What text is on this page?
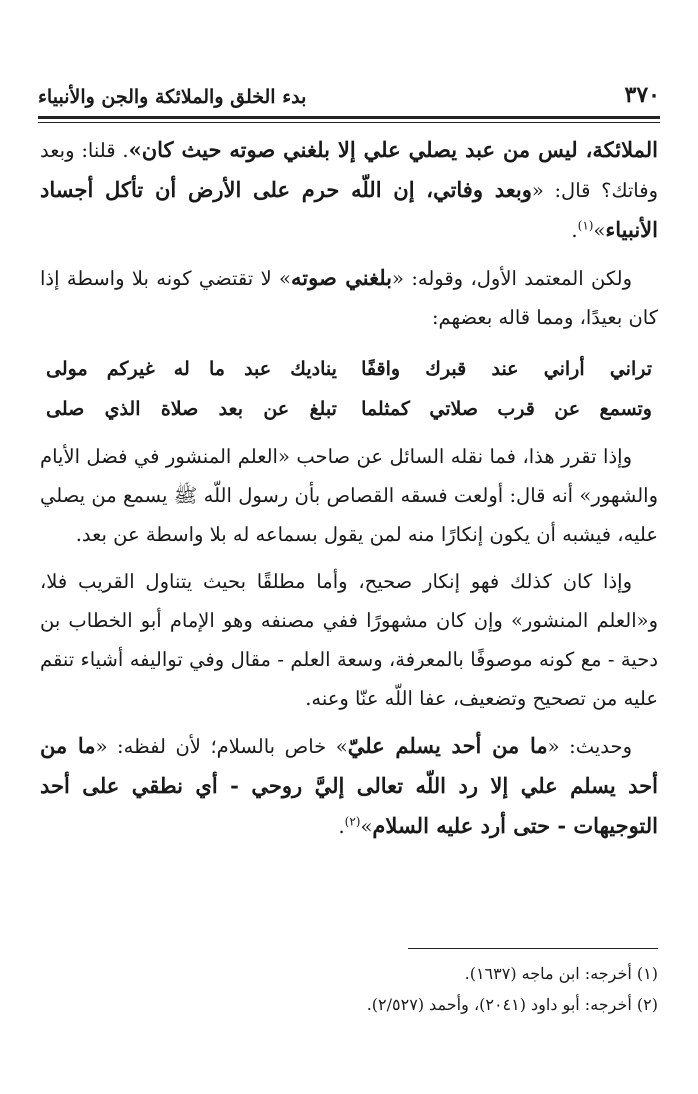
٣٧٠
بدء الخلق والملائكة والجن والأنبياء

الملائكة، ليس من عبد يصلي علي إلا بلغني صوته حيث كان». قلنا: وبعد وفاتك؟ قال: «وبعد وفاتي، إن اللّه حرم على الأرض أن تأكل أجساد الأنبياء»$^{(١)}$.

ولكن المعتمد الأول، وقوله: «بلغني صوته» لا تقتضي كونه بلا واسطة إذا كان بعيدًا، ومما قاله بعضهم:

تراني أراني عند قبرك واقفًا
يناديك عبد ما له غيركم مولى
وتسمع عن قرب صلاتي كمثلما
تبلغ عن بعد صلاة الذي صلى

وإذا تقرر هذا، فما نقله السائل عن صاحب «العلم المنشور في فضل الأيام والشهور» أنه قال: أولعت فسقه القصاص بأن رسول اللّه ﷺ يسمع من يصلي عليه، فيشبه أن يكون إنكارًا منه لمن يقول بسماعه له بلا واسطة عن بعد.

وإذا كان كذلك فهو إنكار صحيح، وأما مطلقًا بحيث يتناول القريب فلا، و«العلم المنشور» وإن كان مشهورًا ففي مصنفه وهو الإمام أبو الخطاب بن دحية - مع كونه موصوفًا بالمعرفة، وسعة العلم - مقال وفي تواليفه أشياء تنقم عليه من تصحيح وتضعيف، عفا اللّه عنّا وعنه.

وحديث: «ما من أحد يسلم عليّ» خاص بالسلام؛ لأن لفظه: «ما من أحد يسلم علي إلا رد اللّه تعالى إليَّ روحي - أي نطقي على أحد التوجيهات - حتى أرد عليه السلام»$^{(٢)}$.

(١) أخرجه: ابن ماجه (١٦٣٧).
(٢) أخرجه: أبو داود (٢٠٤١)، وأحمد (٢/٥٢٧).
